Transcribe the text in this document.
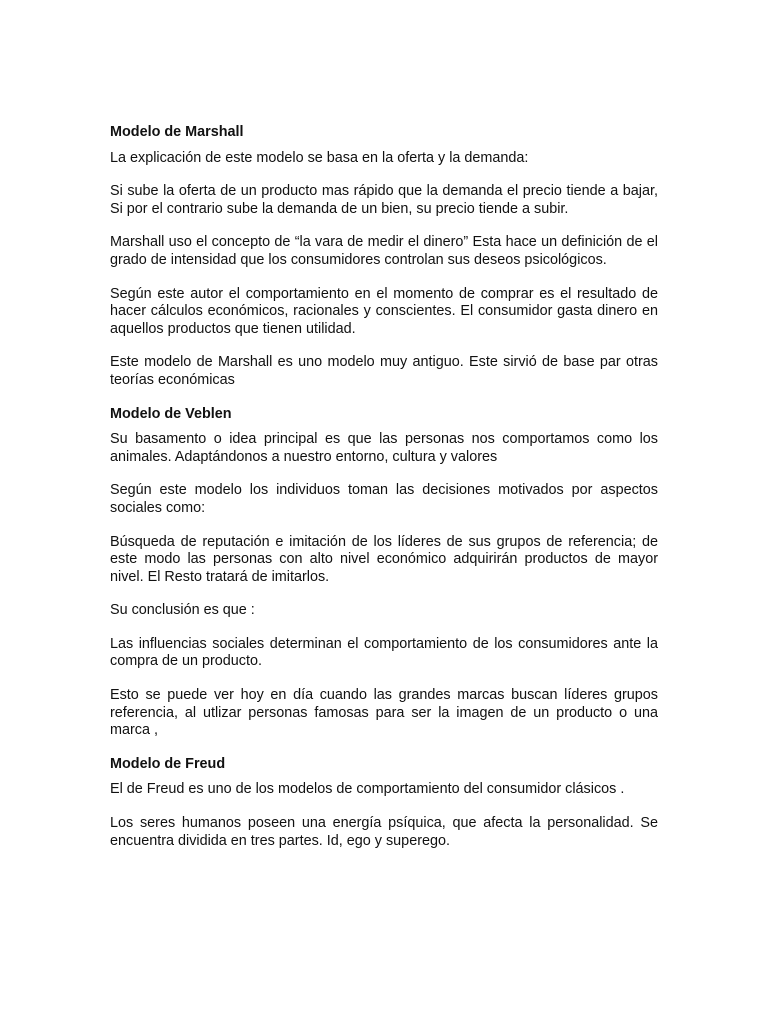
Modelo de Marshall

La explicación de este modelo se basa en la oferta y la demanda:

Si sube la oferta de un producto mas rápido que la demanda el precio tiende a bajar, Si por el contrario sube la demanda de un bien, su precio tiende a subir.

Marshall uso el concepto de “la vara de medir el dinero” Esta hace un definición de el grado de intensidad que los consumidores controlan sus deseos psicológicos.

Según este autor el comportamiento en el momento de comprar es el resultado de hacer cálculos económicos, racionales y conscientes. El consumidor gasta dinero en aquellos productos que tienen utilidad.

Este modelo de Marshall es uno modelo muy antiguo. Este sirvió de base par otras teorías económicas

Modelo de Veblen

Su basamento o idea principal es que las personas nos comportamos como los animales. Adaptándonos a nuestro entorno, cultura y valores

Según este modelo los individuos toman las decisiones motivados por aspectos sociales como:

Búsqueda de reputación e imitación de los líderes de sus grupos de referencia; de este modo las personas con alto nivel económico adquirirán productos de mayor nivel. El Resto tratará de imitarlos.

Su conclusión es que :

Las influencias sociales determinan el comportamiento de los consumidores ante la compra de un producto.

Esto se puede ver hoy en día cuando las grandes marcas buscan líderes grupos referencia, al utlizar personas famosas para ser la imagen de un producto o una marca ,

Modelo de Freud

El de Freud es uno de los modelos de comportamiento del consumidor clásicos .

Los seres humanos poseen una energía psíquica, que afecta la personalidad. Se encuentra dividida en tres partes. Id, ego y superego.
